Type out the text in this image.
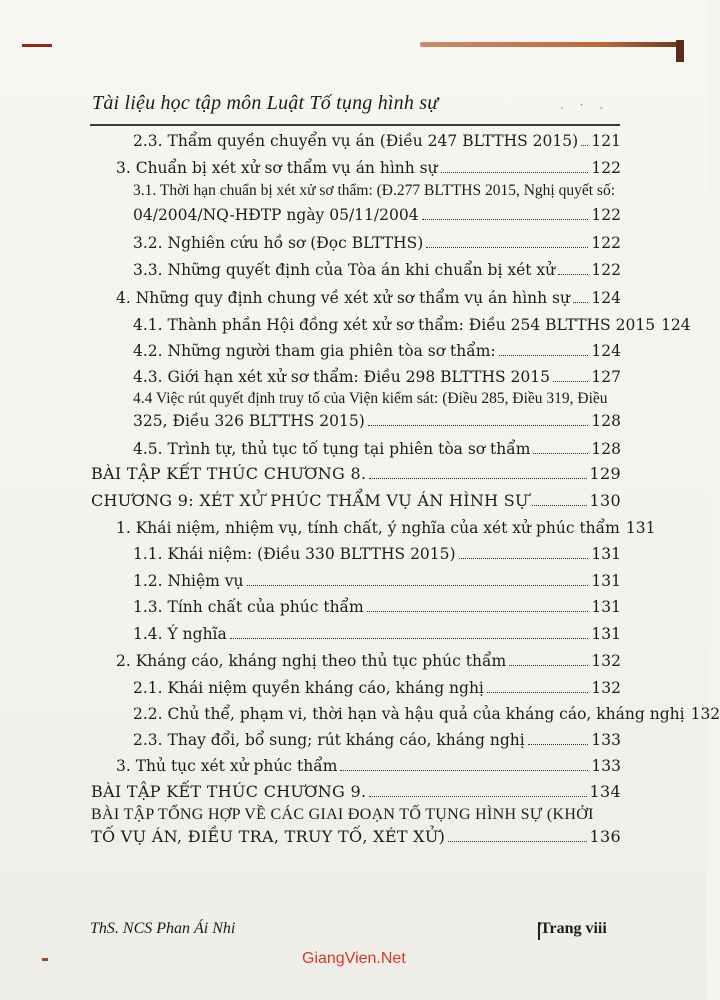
Tài liệu học tập môn Luật Tố tụng hình sự	. · .
2.3. Thẩm quyền chuyển vụ án (Điều 247 BLTTHS 2015) 121
3. Chuẩn bị xét xử sơ thẩm vụ án hình sự	122
3.1. Thời hạn chuẩn bị xét xử sơ thẩm: (Đ.277 BLTTHS 2015, Nghị quyết số:
04/2004/NQ-HĐTP ngày 05/11/2004	122
3.2. Nghiên cứu hồ sơ (Đọc BLTTHS)	122
3.3. Những quyết định của Tòa án khi chuẩn bị xét xử 122
4. Những quy định chung về xét xử sơ thẩm vụ án hình sự 124
4.1. Thành phần Hội đồng xét xử sơ thẩm: Điều 254 BLTTHS 2015 124
4.2. Những người tham gia phiên tòa sơ thẩm:	124
4.3. Giới hạn xét xử sơ thẩm: Điều 298 BLTTHS 2015	127
4.4 Việc rút quyết định truy tố của Viện kiểm sát: (Điều 285, Điều 319, Điều
325, Điều 326 BLTTHS 2015)	128
4.5. Trình tự, thủ tục tố tụng tại phiên tòa sơ thẩm	128
BÀI TẬP KẾT THÚC CHƯƠNG 8.	129
CHƯƠNG 9: XÉT XỬ PHÚC THẨM VỤ ÁN HÌNH SỰ	130
1. Khái niệm, nhiệm vụ, tính chất, ý nghĩa của xét xử phúc thẩm 131
1.1. Khái niệm: (Điều 330 BLTTHS 2015)	131
1.2. Nhiệm vụ	131
1.3. Tính chất của phúc thẩm	131
1.4. Ý nghĩa	131
2. Kháng cáo, kháng nghị theo thủ tục phúc thẩm	132
2.1. Khái niệm quyền kháng cáo, kháng nghị	132
2.2. Chủ thể, phạm vi, thời hạn và hậu quả của kháng cáo, kháng nghị 132
2.3. Thay đổi, bổ sung; rút kháng cáo, kháng nghị	133
3. Thủ tục xét xử phúc thẩm	133
BÀI TẬP KẾT THÚC CHƯƠNG 9.	134
BÀI TẬP TỔNG HỢP VỀ CÁC GIAI ĐOẠN TỐ TỤNG HÌNH SỰ (KHỞI
TỐ VỤ ÁN, ĐIỀU TRA, TRUY TỐ, XÉT XỬ)	136
ThS. NCS Phan Ái Nhi	Trang viii
GiangVien.Net
